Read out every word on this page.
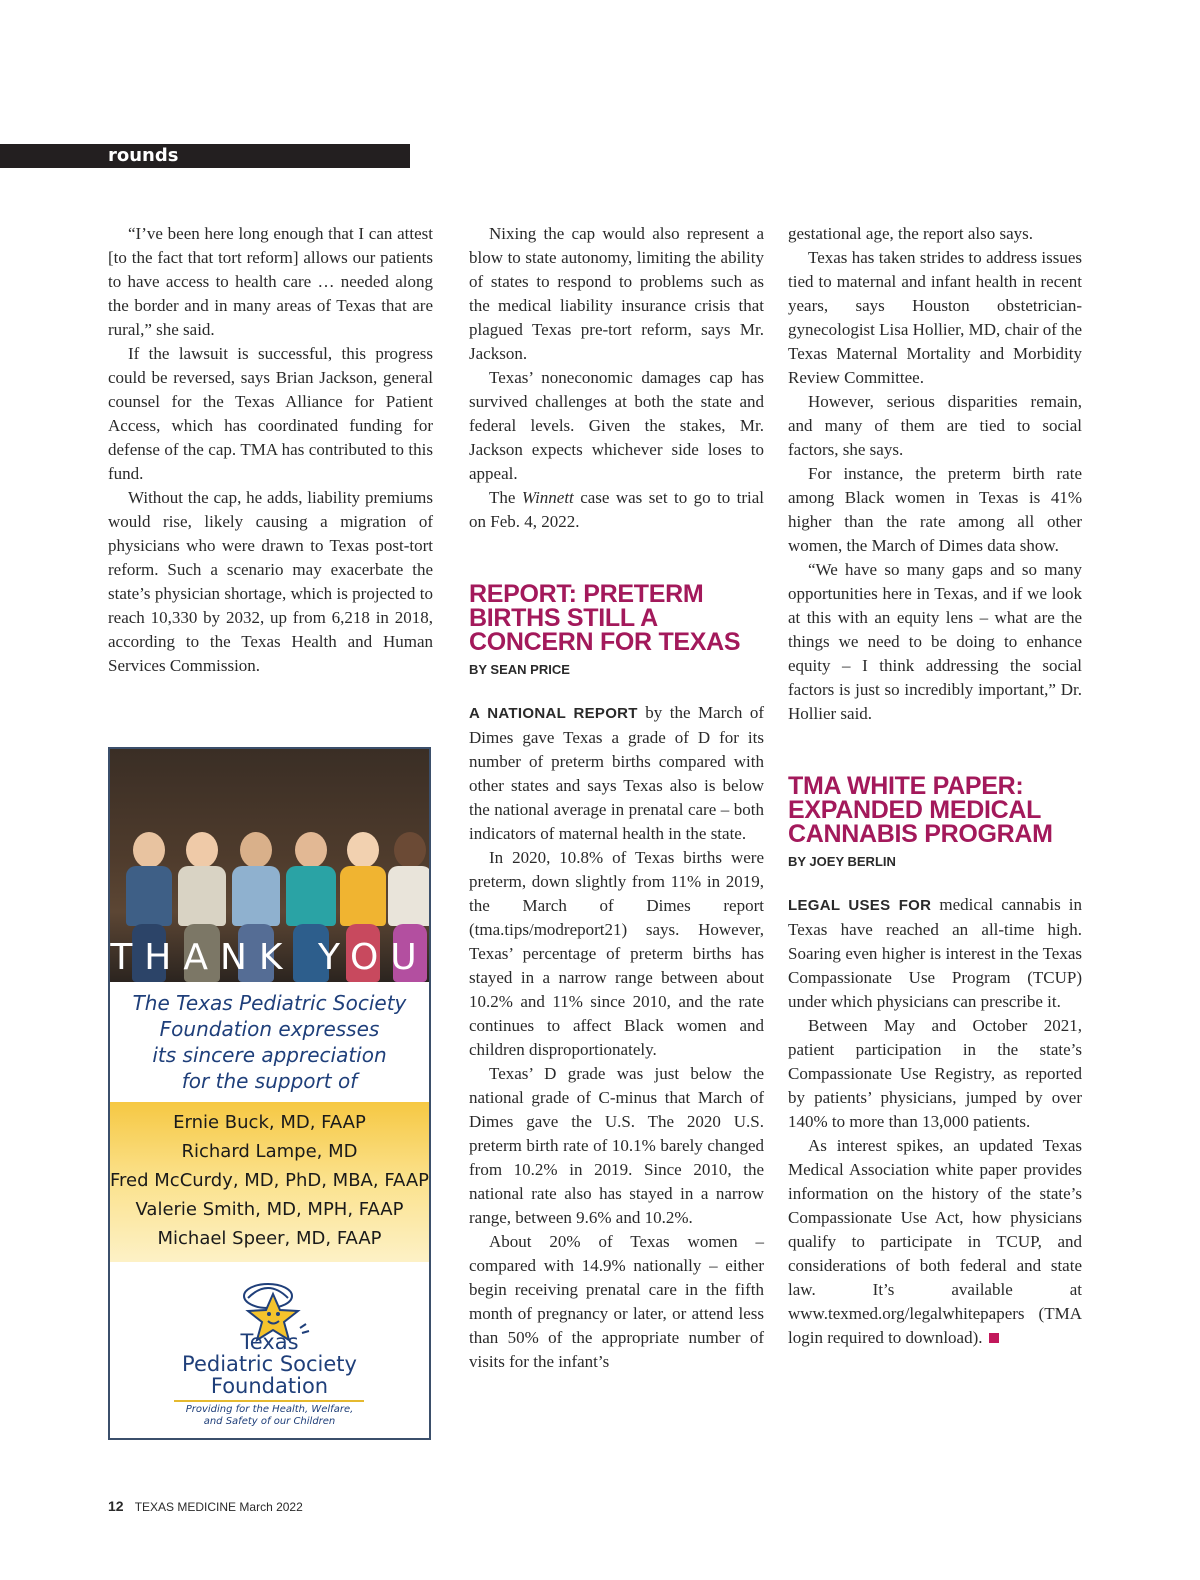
rounds

“I’ve been here long enough that I can attest [to the fact that tort reform] allows our patients to have access to health care … needed along the border and in many areas of Texas that are rural,” she said.

If the lawsuit is successful, this progress could be reversed, says Brian Jackson, general counsel for the Texas Alliance for Patient Access, which has coordinated funding for defense of the cap. TMA has contributed to this fund.

Without the cap, he adds, liability premiums would rise, likely causing a migration of physicians who were drawn to Texas post-tort reform. Such a scenario may exacerbate the state’s physician shortage, which is projected to reach 10,330 by 2032, up from 6,218 in 2018, according to the Texas Health and Human Services Commission.

THANK YOU
The Texas Pediatric Society
Foundation expresses
its sincere appreciation
for the support of
Ernie Buck, MD, FAAP
Richard Lampe, MD
Fred McCurdy, MD, PhD, MBA, FAAP
Valerie Smith, MD, MPH, FAAP
Michael Speer, MD, FAAP
Texas
Pediatric Society
Foundation
Providing for the Health, Welfare,
and Safety of our Children

Nixing the cap would also represent a blow to state autonomy, limiting the ability of states to respond to problems such as the medical liability insurance crisis that plagued Texas pre-tort reform, says Mr. Jackson.

Texas’ noneconomic damages cap has survived challenges at both the state and federal levels. Given the stakes, Mr. Jackson expects whichever side loses to appeal.

The Winnett case was set to go to trial on Feb. 4, 2022.

REPORT: PRETERM BIRTHS STILL A CONCERN FOR TEXAS
BY SEAN PRICE

A NATIONAL REPORT by the March of Dimes gave Texas a grade of D for its number of preterm births compared with other states and says Texas also is below the national average in prenatal care – both indicators of maternal health in the state.

In 2020, 10.8% of Texas births were preterm, down slightly from 11% in 2019, the March of Dimes report (tma.tips/modreport21) says. However, Texas’ percentage of preterm births has stayed in a narrow range between about 10.2% and 11% since 2010, and the rate continues to affect Black women and children disproportionately.

Texas’ D grade was just below the national grade of C-minus that March of Dimes gave the U.S. The 2020 U.S. preterm birth rate of 10.1% barely changed from 10.2% in 2019. Since 2010, the national rate also has stayed in a narrow range, between 9.6% and 10.2%.

About 20% of Texas women – compared with 14.9% nationally – either begin receiving prenatal care in the fifth month of pregnancy or later, or attend less than 50% of the appropriate number of visits for the infant’s

gestational age, the report also says.

Texas has taken strides to address issues tied to maternal and infant health in recent years, says Houston obstetrician-gynecologist Lisa Hollier, MD, chair of the Texas Maternal Mortality and Morbidity Review Committee.

However, serious disparities remain, and many of them are tied to social factors, she says.

For instance, the preterm birth rate among Black women in Texas is 41% higher than the rate among all other women, the March of Dimes data show.

“We have so many gaps and so many opportunities here in Texas, and if we look at this with an equity lens – what are the things we need to be doing to enhance equity – I think addressing the social factors is just so incredibly important,” Dr. Hollier said.

TMA WHITE PAPER: EXPANDED MEDICAL CANNABIS PROGRAM
BY JOEY BERLIN

LEGAL USES FOR medical cannabis in Texas have reached an all-time high. Soaring even higher is interest in the Texas Compassionate Use Program (TCUP) under which physicians can prescribe it.

Between May and October 2021, patient participation in the state’s Compassionate Use Registry, as reported by patients’ physicians, jumped by over 140% to more than 13,000 patients.

As interest spikes, an updated Texas Medical Association white paper provides information on the history of the state’s Compassionate Use Act, how physicians qualify to participate in TCUP, and considerations of both federal and state law. It’s available at www.texmed.org/legalwhitepapers (TMA login required to download).

12 TEXAS MEDICINE March 2022
